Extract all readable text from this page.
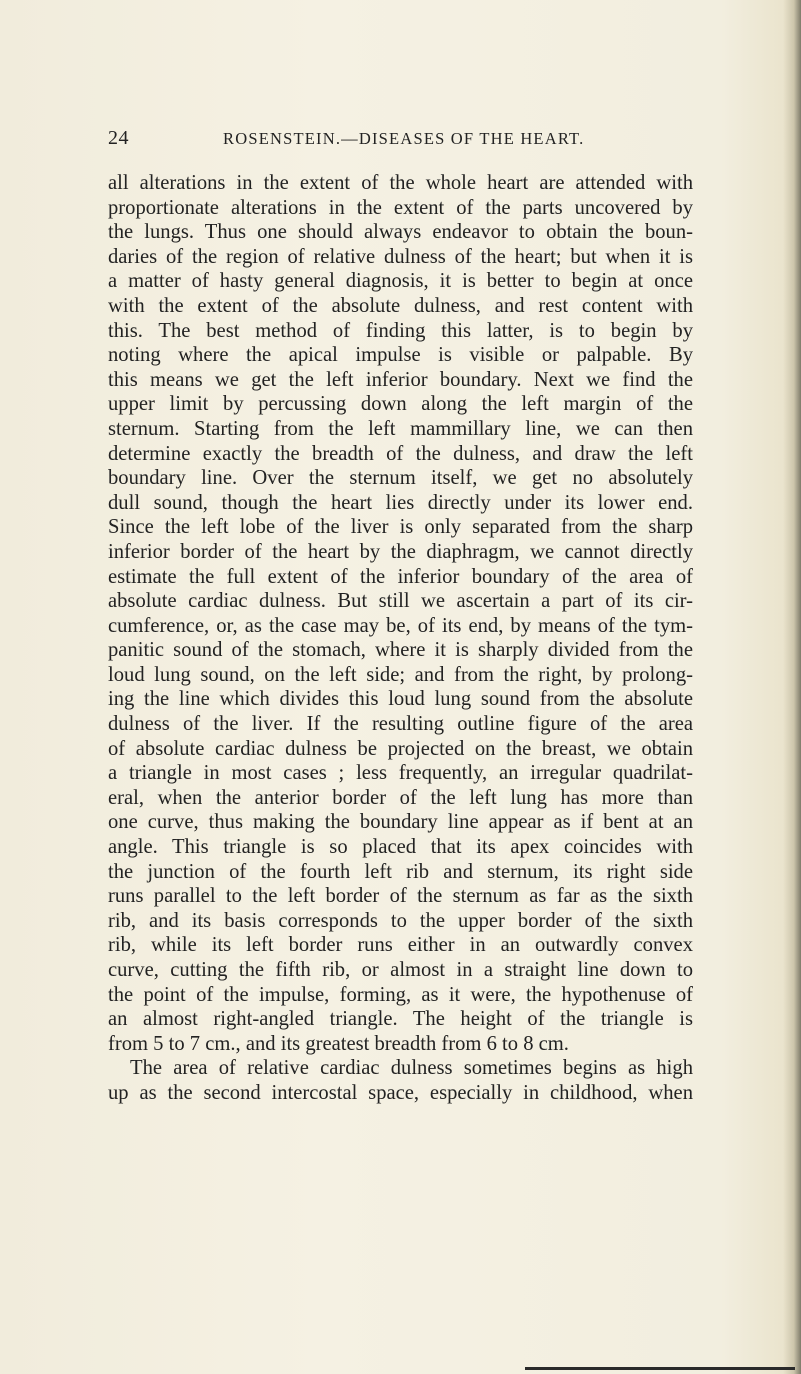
24	ROSENSTEIN.—DISEASES OF THE HEART.
all alterations in the extent of the whole heart are attended with
proportionate alterations in the extent of the parts uncovered by
the lungs. Thus one should always endeavor to obtain the boun-
daries of the region of relative dulness of the heart; but when it is
a matter of hasty general diagnosis, it is better to begin at once
with the extent of the absolute dulness, and rest content with
this. The best method of finding this latter, is to begin by
noting where the apical impulse is visible or palpable. By
this means we get the left inferior boundary. Next we find the
upper limit by percussing down along the left margin of the
sternum. Starting from the left mammillary line, we can then
determine exactly the breadth of the dulness, and draw the left
boundary line. Over the sternum itself, we get no absolutely
dull sound, though the heart lies directly under its lower end.
Since the left lobe of the liver is only separated from the sharp
inferior border of the heart by the diaphragm, we cannot directly
estimate the full extent of the inferior boundary of the area of
absolute cardiac dulness. But still we ascertain a part of its cir-
cumference, or, as the case may be, of its end, by means of the tym-
panitic sound of the stomach, where it is sharply divided from the
loud lung sound, on the left side; and from the right, by prolong-
ing the line which divides this loud lung sound from the absolute
dulness of the liver. If the resulting outline figure of the area
of absolute cardiac dulness be projected on the breast, we obtain
a triangle in most cases ; less frequently, an irregular quadrilat-
eral, when the anterior border of the left lung has more than
one curve, thus making the boundary line appear as if bent at an
angle. This triangle is so placed that its apex coincides with
the junction of the fourth left rib and sternum, its right side
runs parallel to the left border of the sternum as far as the sixth
rib, and its basis corresponds to the upper border of the sixth
rib, while its left border runs either in an outwardly convex
curve, cutting the fifth rib, or almost in a straight line down to
the point of the impulse, forming, as it were, the hypothenuse of
an almost right-angled triangle. The height of the triangle is
from 5 to 7 cm., and its greatest breadth from 6 to 8 cm.
The area of relative cardiac dulness sometimes begins as high
up as the second intercostal space, especially in childhood, when
